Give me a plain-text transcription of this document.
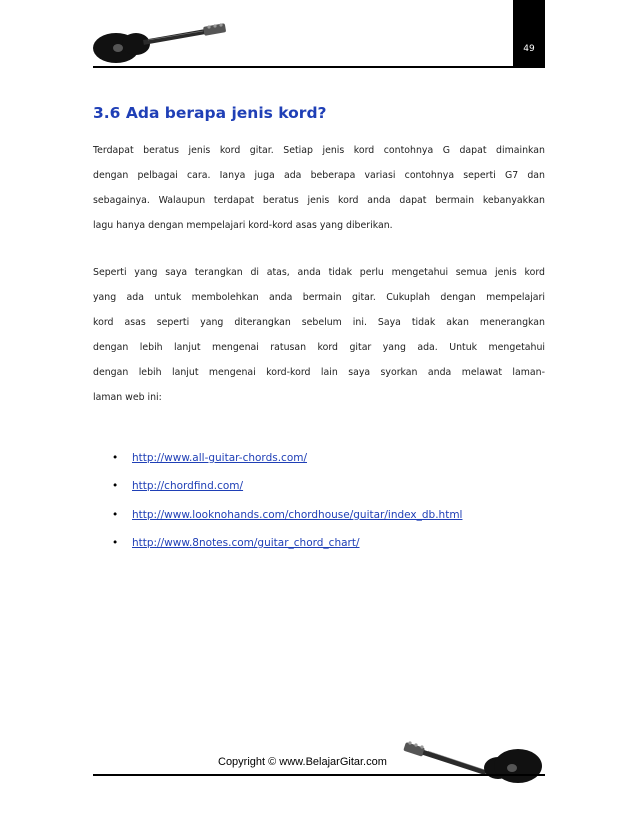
49
3.6 Ada berapa jenis kord?

Terdapat beratus jenis kord gitar. Setiap jenis kord contohnya G dapat dimainkan
dengan pelbagai cara. Ianya juga ada beberapa variasi contohnya seperti G7 dan
sebagainya. Walaupun terdapat beratus jenis kord anda dapat bermain kebanyakkan
lagu hanya dengan mempelajari kord-kord asas yang diberikan.

Seperti yang saya terangkan di atas, anda tidak perlu mengetahui semua jenis kord
yang ada untuk membolehkan anda bermain gitar. Cukuplah dengan mempelajari
kord asas seperti yang diterangkan sebelum ini. Saya tidak akan menerangkan
dengan lebih lanjut mengenai ratusan kord gitar yang ada. Untuk mengetahui
dengan lebih lanjut mengenai kord-kord lain saya syorkan anda melawat laman-
laman web ini:

• http://www.all-guitar-chords.com/
• http://chordfind.com/
• http://www.looknohands.com/chordhouse/guitar/index_db.html
• http://www.8notes.com/guitar_chord_chart/
Copyright © www.BelajarGitar.com
